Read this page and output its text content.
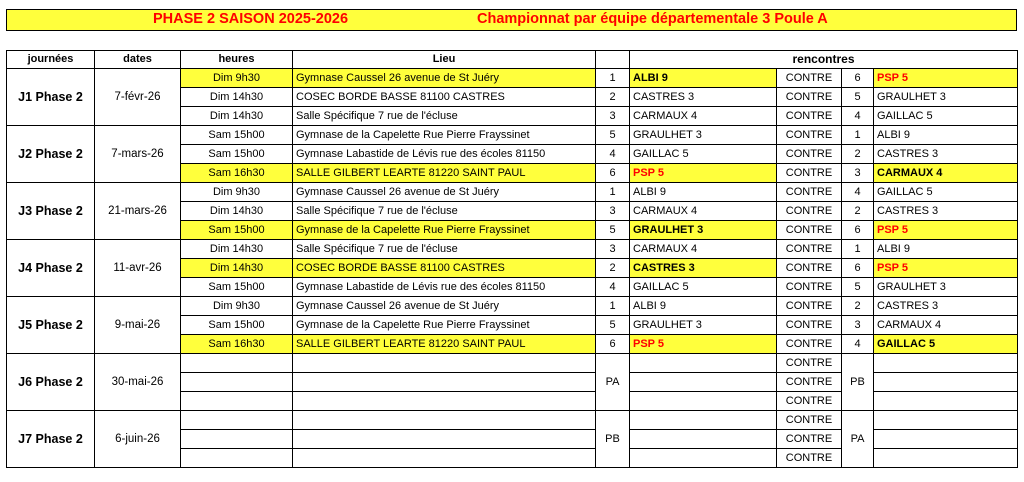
PHASE 2 SAISON 2025-2026	Championnat par équipe départementale 3 Poule A
journées	dates	heures	Lieu		rencontres			
J1 Phase 2	7-févr-26	Dim 9h30	Gymnase Caussel 26 avenue de St Juéry	1	ALBI 9	CONTRE	6	PSP 5
		Dim 14h30	COSEC BORDE BASSE 81100 CASTRES	2	CASTRES 3	CONTRE	5	GRAULHET 3
		Dim 14h30	Salle Spécifique 7 rue de l'écluse	3	CARMAUX 4	CONTRE	4	GAILLAC 5
J2 Phase 2	7-mars-26	Sam 15h00	Gymnase de la Capelette Rue Pierre Frayssinet	5	GRAULHET 3	CONTRE	1	ALBI 9
		Sam 15h00	Gymnase Labastide de Lévis rue des écoles 81150	4	GAILLAC 5	CONTRE	2	CASTRES 3
		Sam 16h30	SALLE GILBERT LEARTE 81220 SAINT PAUL	6	PSP 5	CONTRE	3	CARMAUX 4
J3 Phase 2	21-mars-26	Dim 9h30	Gymnase Caussel 26 avenue de St Juéry	1	ALBI 9	CONTRE	4	GAILLAC 5
		Dim 14h30	Salle Spécifique 7 rue de l'écluse	3	CARMAUX 4	CONTRE	2	CASTRES 3
		Sam 15h00	Gymnase de la Capelette Rue Pierre Frayssinet	5	GRAULHET 3	CONTRE	6	PSP 5
J4 Phase 2	11-avr-26	Dim 14h30	Salle Spécifique 7 rue de l'écluse	3	CARMAUX 4	CONTRE	1	ALBI 9
		Dim 14h30	COSEC BORDE BASSE 81100 CASTRES	2	CASTRES 3	CONTRE	6	PSP 5
		Sam 15h00	Gymnase Labastide de Lévis rue des écoles 81150	4	GAILLAC 5	CONTRE	5	GRAULHET 3
J5 Phase 2	9-mai-26	Dim 9h30	Gymnase Caussel 26 avenue de St Juéry	1	ALBI 9	CONTRE	2	CASTRES 3
		Sam 15h00	Gymnase de la Capelette Rue Pierre Frayssinet	5	GRAULHET 3	CONTRE	3	CARMAUX 4
		Sam 16h30	SALLE GILBERT LEARTE 81220 SAINT PAUL	6	PSP 5	CONTRE	4	GAILLAC 5
J6 Phase 2	30-mai-26			PA		CONTRE	PB	
						CONTRE		
						CONTRE		
J7 Phase 2	6-juin-26			PB		CONTRE	PA	
						CONTRE		
						CONTRE		
